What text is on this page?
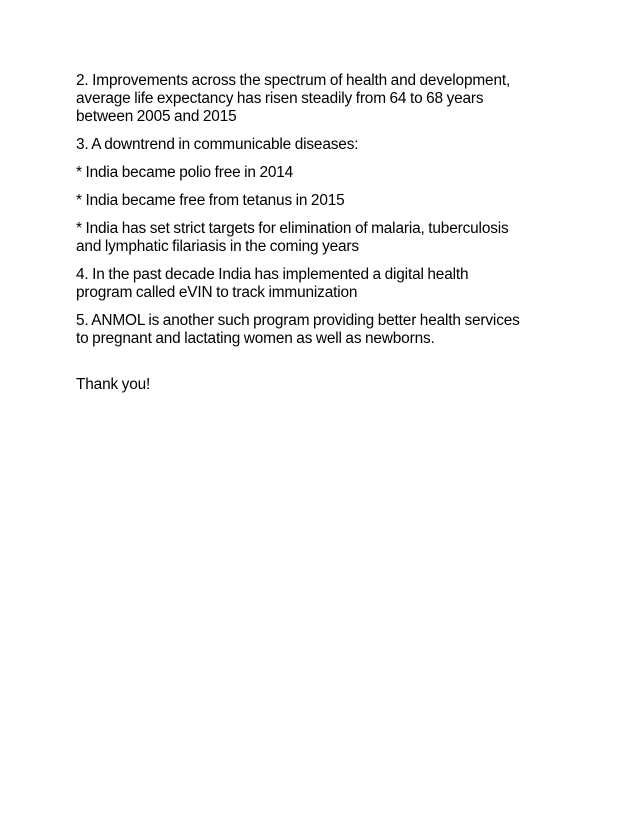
2. Improvements across the spectrum of health and development,
average life expectancy has risen steadily from 64 to 68 years
between 2005 and 2015
3. A downtrend in communicable diseases:
* India became polio free in 2014
* India became free from tetanus in 2015
* India has set strict targets for elimination of malaria, tuberculosis
and lymphatic filariasis in the coming years
4. In the past decade India has implemented a digital health
program called eVIN to track immunization
5. ANMOL is another such program providing better health services
to pregnant and lactating women as well as newborns.
Thank you!
